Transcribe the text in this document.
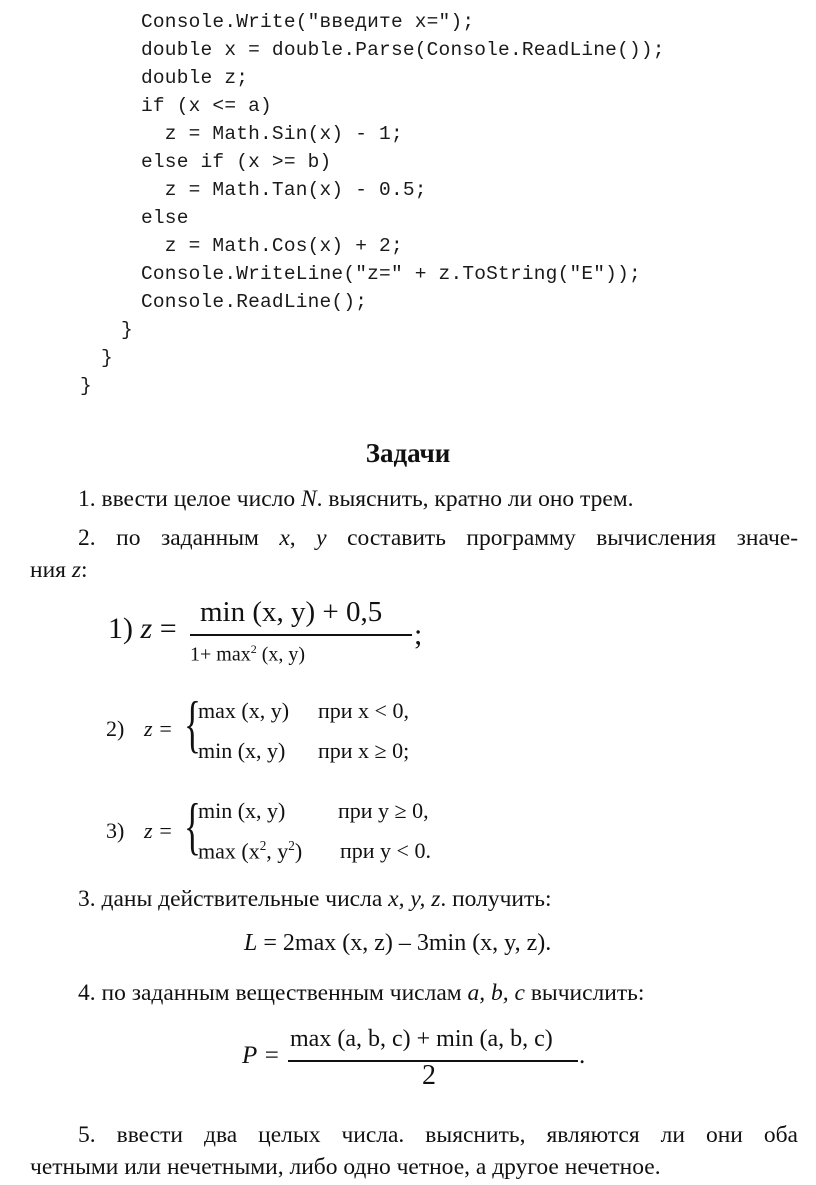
Console.Write("введите x=");
double x = double.Parse(Console.ReadLine());
double z;
if (x <= a)
z = Math.Sin(x) - 1;
else if (x >= b)
z = Math.Tan(x) - 0.5;
else
z = Math.Cos(x) + 2;
Console.WriteLine("z=" + z.ToString("E"));
Console.ReadLine();
}
}
}
Задачи
1. ввести целое число N. выяснить, кратно ли оно трем.
2. по заданным x, y составить программу вычисления значе-
ния z:
1) z = min (x, y) + 0,5
$1+ \max^2 (x$, y)
;
2) z = {
max (x, y) при x < 0,
min (x, y) при x ≥ 0;
3) z = {
min (x, y) при y ≥ 0,
$\max (x^2$, $y^2$) при y < 0.
3. даны действительные числа x, y, z. получить:
L = 2max (x, z) – 3min (x, y, z).
4. по заданным вещественным числам a, b, c вычислить:
P =
max (a, b, c) + min (a, b, c)
2
.
5. ввести два целых числа. выяснить, являются ли они оба
четными или нечетными, либо одно четное, а другое нечетное.
